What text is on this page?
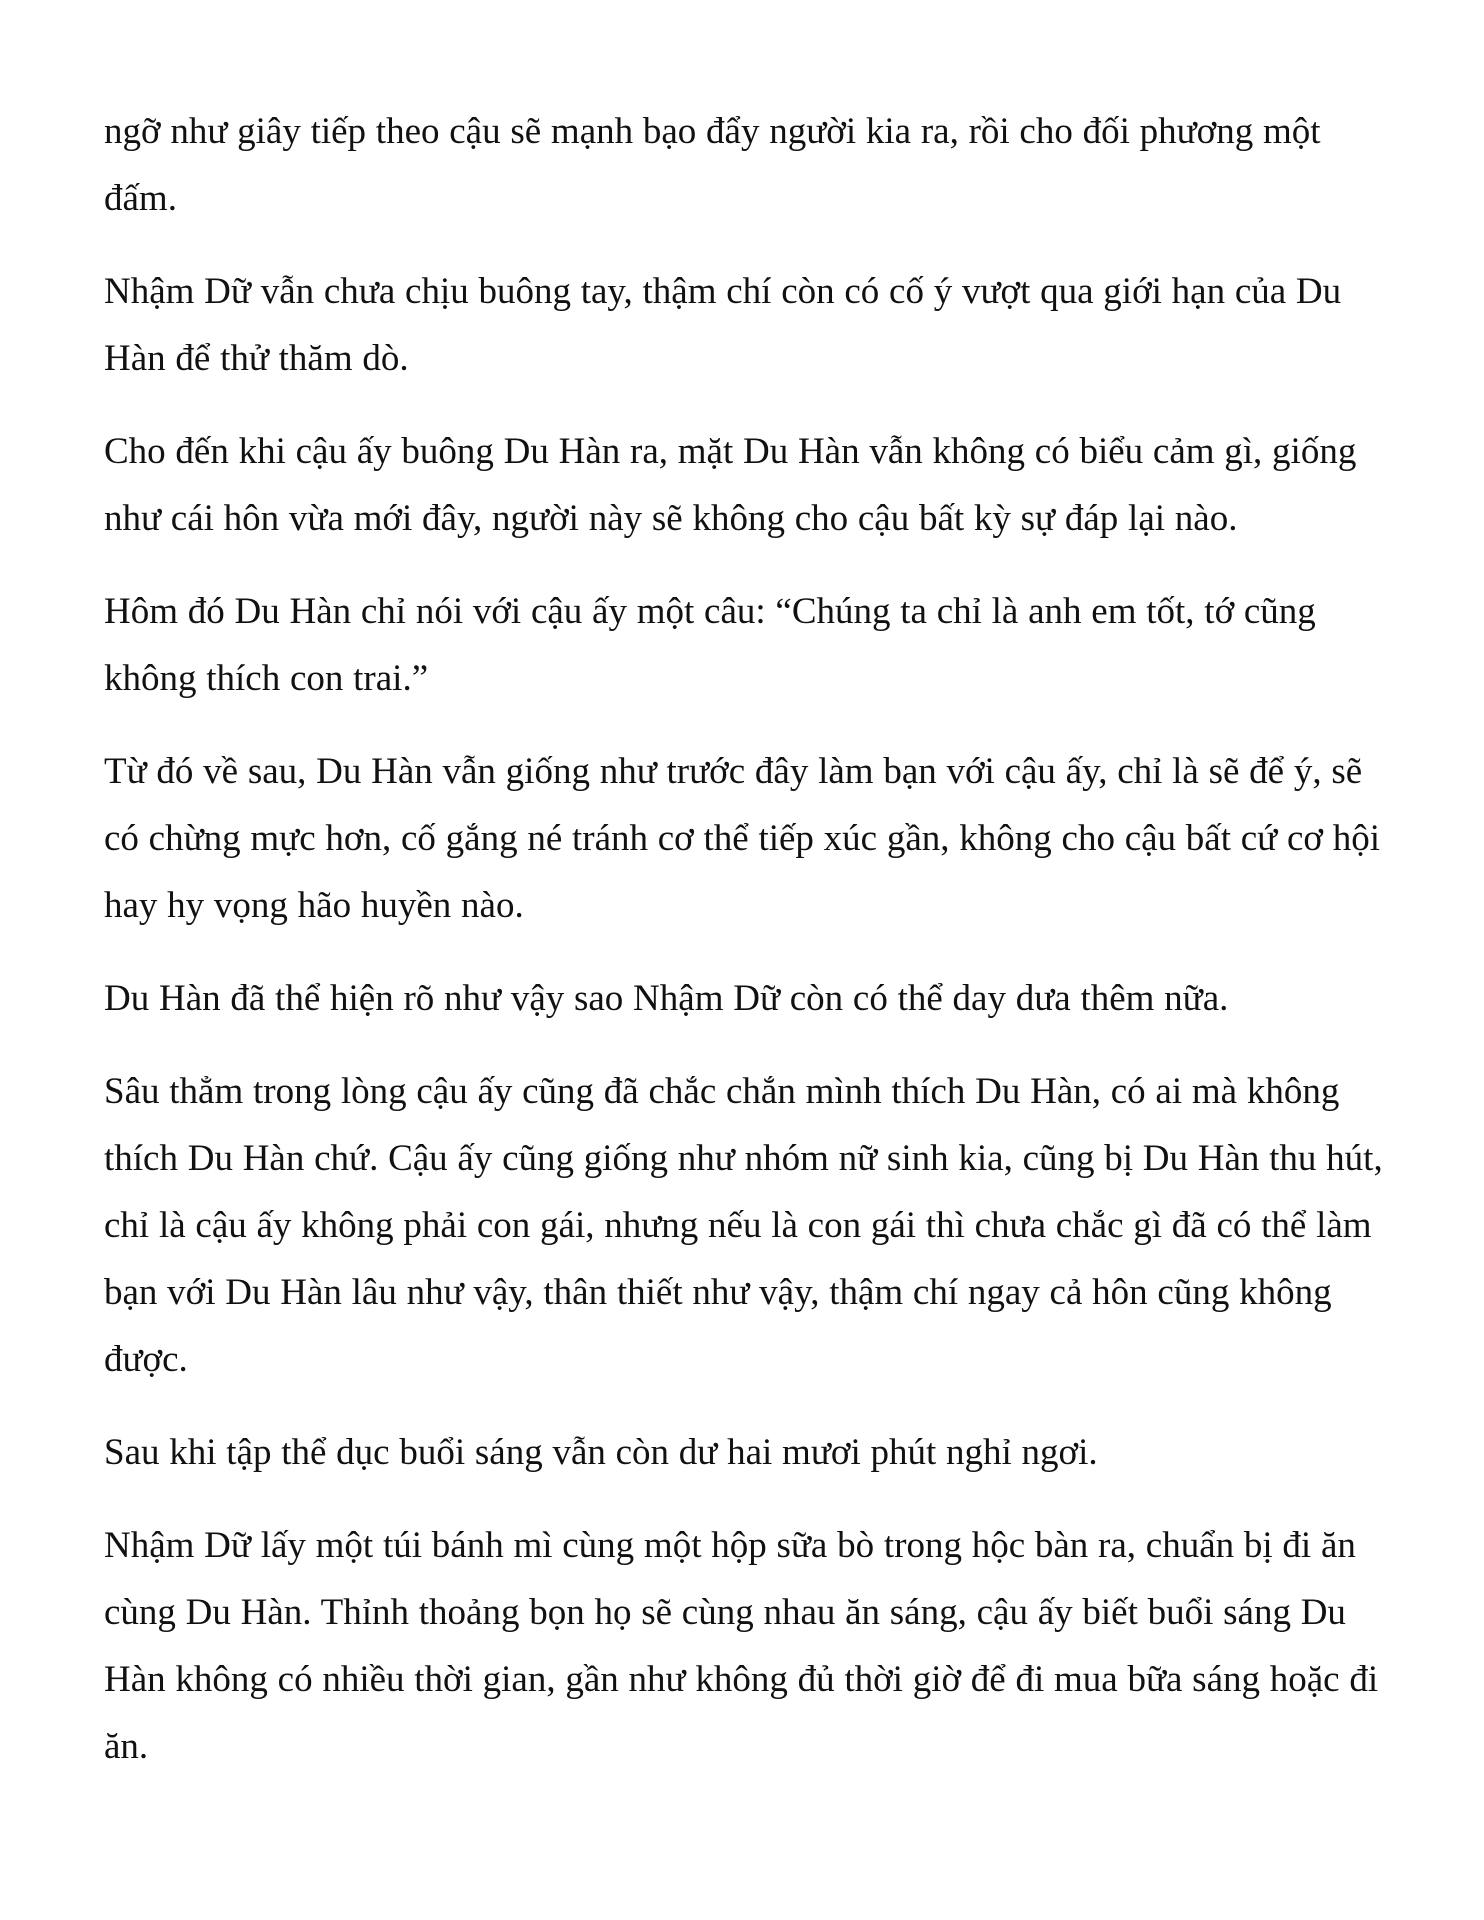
ngỡ như giây tiếp theo cậu sẽ mạnh bạo đẩy người kia ra, rồi cho đối phương một đấm.

Nhậm Dữ vẫn chưa chịu buông tay, thậm chí còn có cố ý vượt qua giới hạn của Du Hàn để thử thăm dò.

Cho đến khi cậu ấy buông Du Hàn ra, mặt Du Hàn vẫn không có biểu cảm gì, giống như cái hôn vừa mới đây, người này sẽ không cho cậu bất kỳ sự đáp lại nào.

Hôm đó Du Hàn chỉ nói với cậu ấy một câu: “Chúng ta chỉ là anh em tốt, tớ cũng không thích con trai.”

Từ đó về sau, Du Hàn vẫn giống như trước đây làm bạn với cậu ấy, chỉ là sẽ để ý, sẽ có chừng mực hơn, cố gắng né tránh cơ thể tiếp xúc gần, không cho cậu bất cứ cơ hội hay hy vọng hão huyền nào.

Du Hàn đã thể hiện rõ như vậy sao Nhậm Dữ còn có thể day dưa thêm nữa.

Sâu thẳm trong lòng cậu ấy cũng đã chắc chắn mình thích Du Hàn, có ai mà không thích Du Hàn chứ. Cậu ấy cũng giống như nhóm nữ sinh kia, cũng bị Du Hàn thu hút, chỉ là cậu ấy không phải con gái, nhưng nếu là con gái thì chưa chắc gì đã có thể làm bạn với Du Hàn lâu như vậy, thân thiết như vậy, thậm chí ngay cả hôn cũng không được.

Sau khi tập thể dục buổi sáng vẫn còn dư hai mươi phút nghỉ ngơi.

Nhậm Dữ lấy một túi bánh mì cùng một hộp sữa bò trong hộc bàn ra, chuẩn bị đi ăn cùng Du Hàn. Thỉnh thoảng bọn họ sẽ cùng nhau ăn sáng, cậu ấy biết buổi sáng Du Hàn không có nhiều thời gian, gần như không đủ thời giờ để đi mua bữa sáng hoặc đi ăn.
